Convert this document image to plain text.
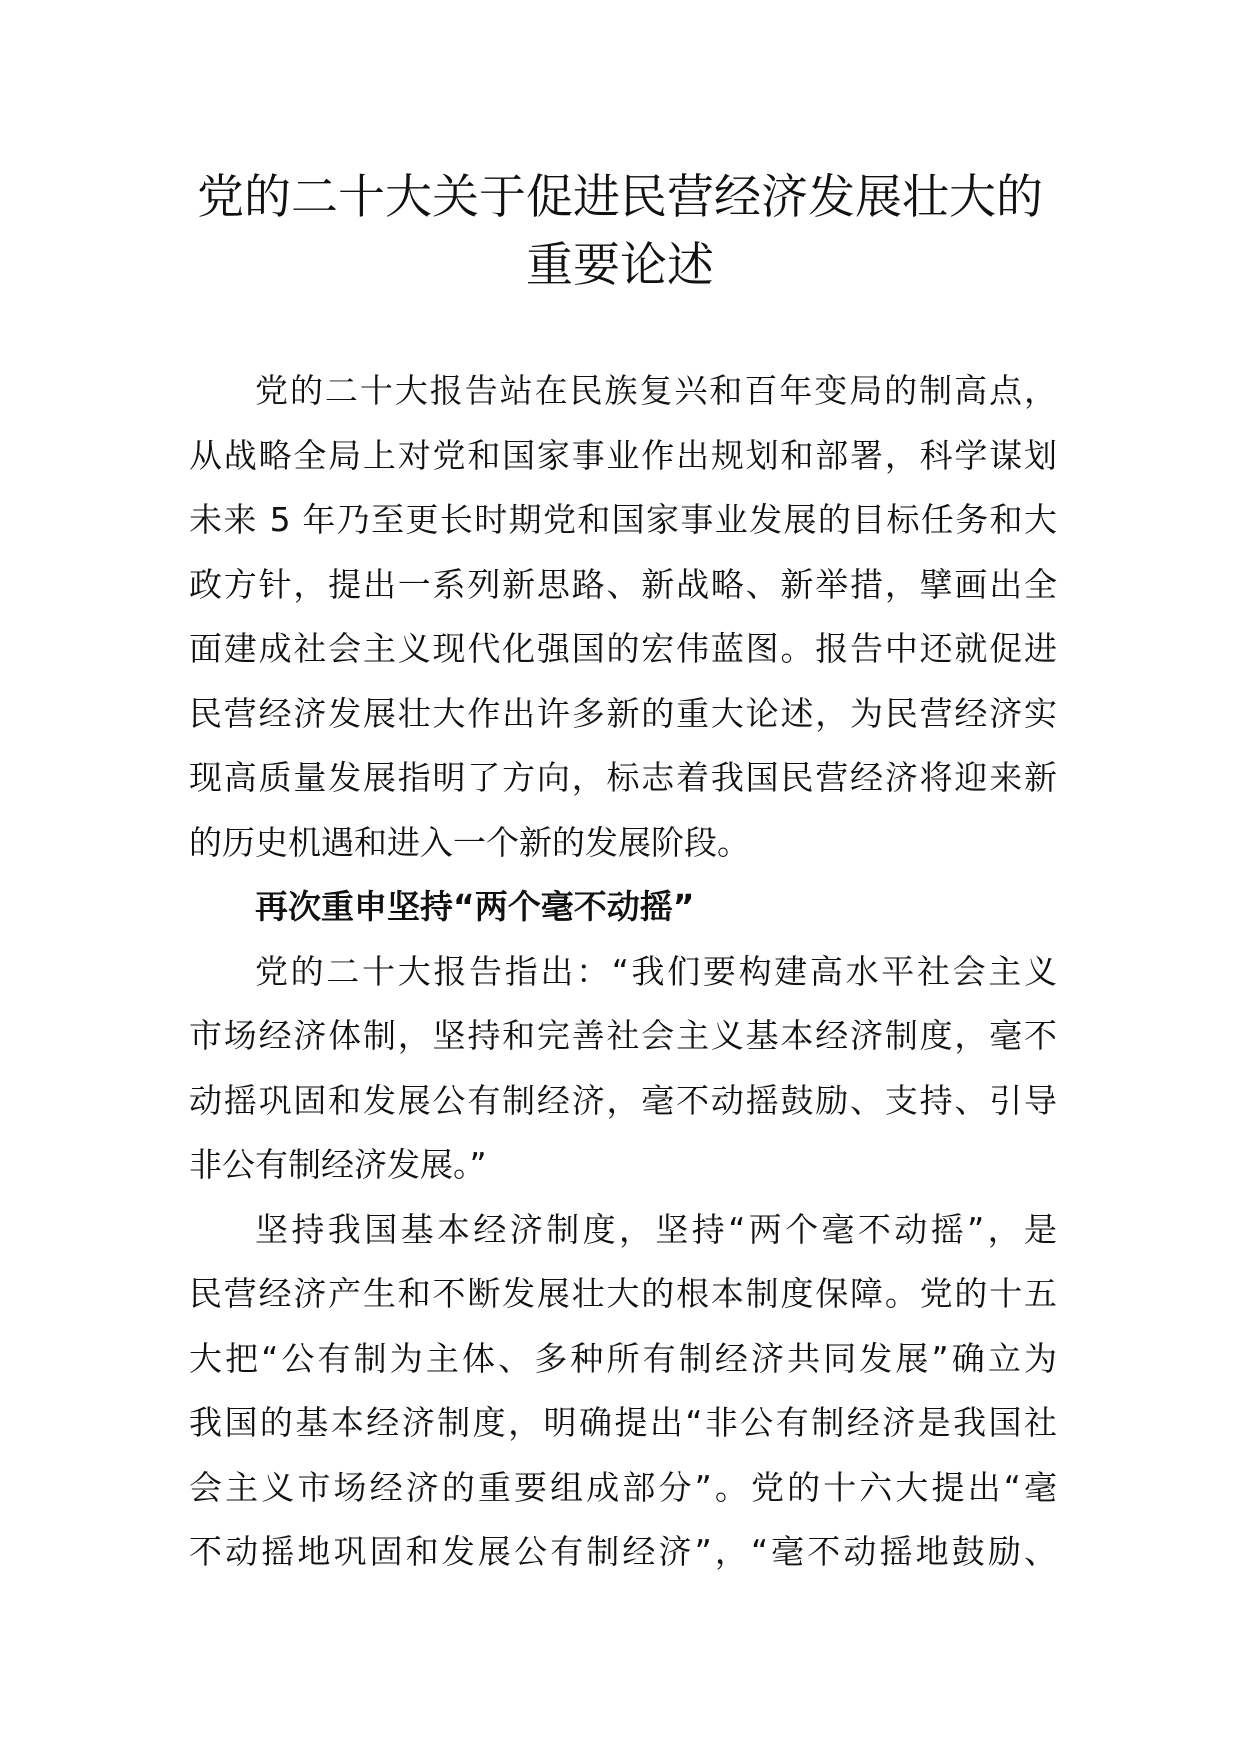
党的二十大关于促进民营经济发展壮大的
重要论述
党的二十大报告站在民族复兴和百年变局的制高点，
从战略全局上对党和国家事业作出规划和部署，科学谋划
未来 5 年乃至更长时期党和国家事业发展的目标任务和大
政方针，提出一系列新思路、新战略、新举措，擘画出全
面建成社会主义现代化强国的宏伟蓝图。报告中还就促进
民营经济发展壮大作出许多新的重大论述，为民营经济实
现高质量发展指明了方向，标志着我国民营经济将迎来新
的历史机遇和进入一个新的发展阶段。
再次重申坚持“两个毫不动摇”
党的二十大报告指出：“我们要构建高水平社会主义
市场经济体制，坚持和完善社会主义基本经济制度，毫不
动摇巩固和发展公有制经济，毫不动摇鼓励、支持、引导
非公有制经济发展。”
坚持我国基本经济制度，坚持“两个毫不动摇”，是
民营经济产生和不断发展壮大的根本制度保障。党的十五
大把“公有制为主体、多种所有制经济共同发展”确立为
我国的基本经济制度，明确提出“非公有制经济是我国社
会主义市场经济的重要组成部分”。党的十六大提出“毫
不动摇地巩固和发展公有制经济”，“毫不动摇地鼓励、
